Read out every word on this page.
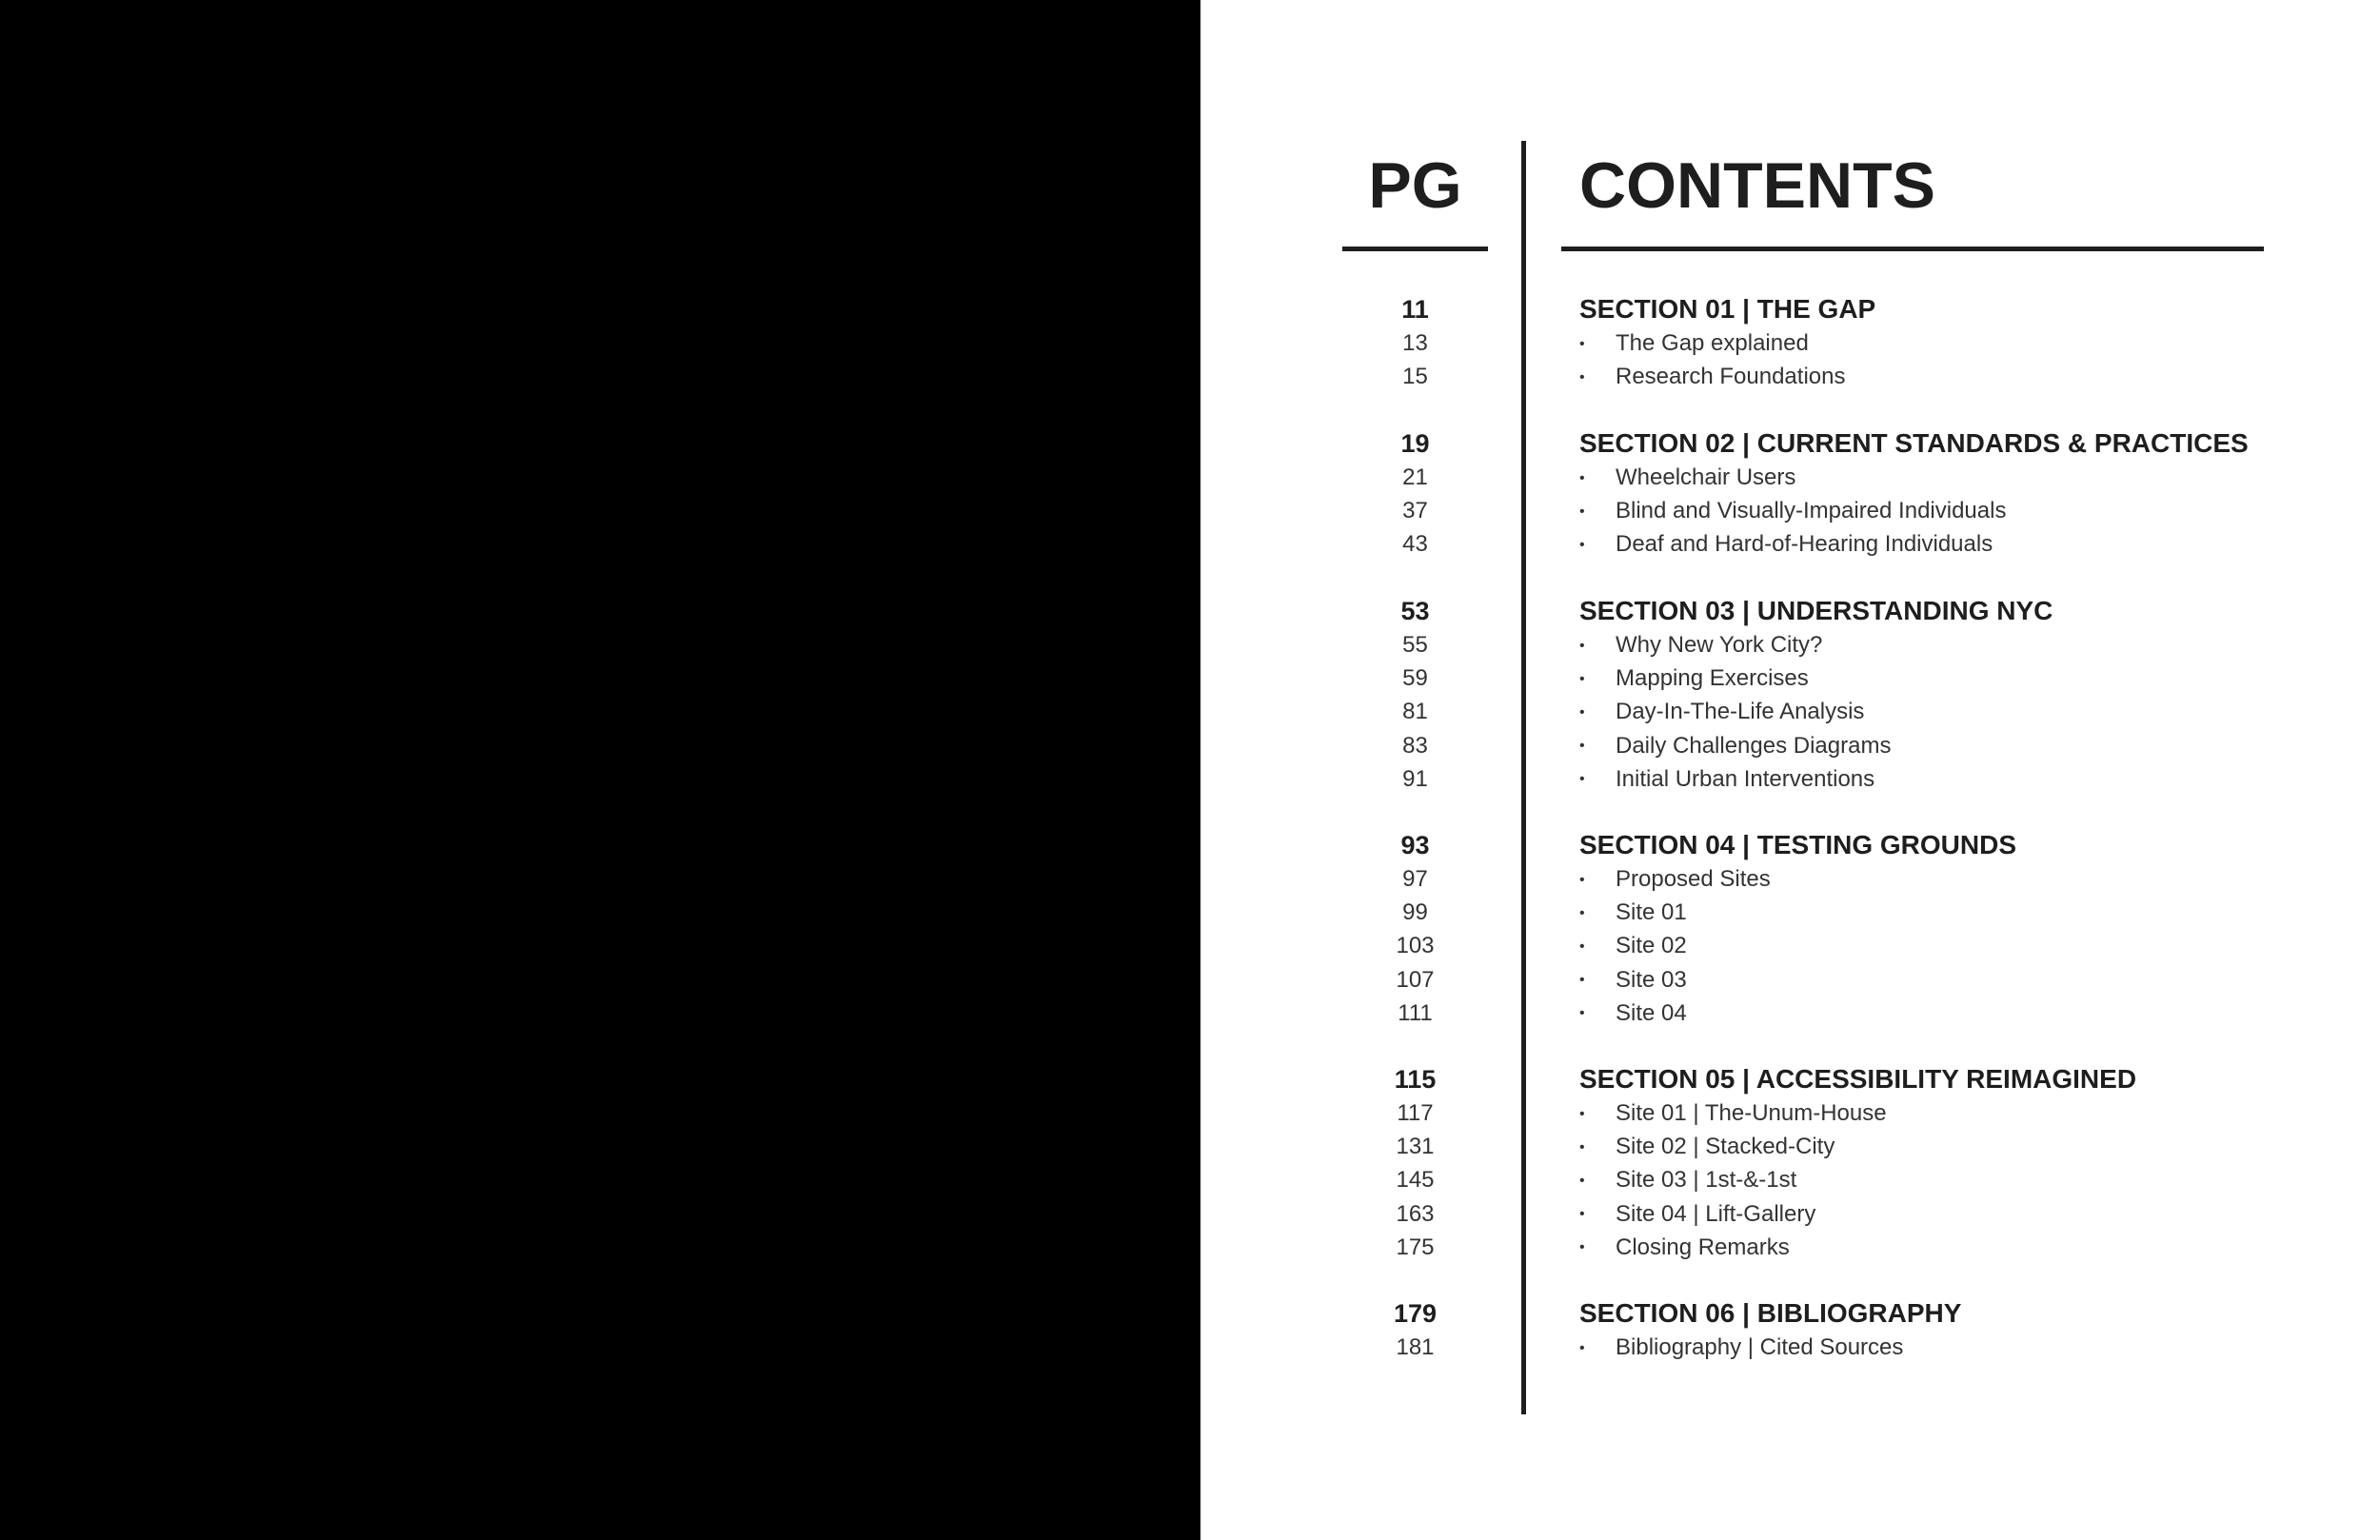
PG	CONTENTS
11	SECTION 01 | THE GAP
13	• The Gap explained
15	• Research Foundations
19	SECTION 02 | CURRENT STANDARDS & PRACTICES
21	• Wheelchair Users
37	• Blind and Visually-Impaired Individuals
43	• Deaf and Hard-of-Hearing Individuals
53	SECTION 03 | UNDERSTANDING NYC
55	• Why New York City?
59	• Mapping Exercises
81	• Day-In-The-Life Analysis
83	• Daily Challenges Diagrams
91	• Initial Urban Interventions
93	SECTION 04 | TESTING GROUNDS
97	• Proposed Sites
99	• Site 01
103	• Site 02
107	• Site 03
111	• Site 04
115	SECTION 05 | ACCESSIBILITY REIMAGINED
117	• Site 01 | The-Unum-House
131	• Site 02 | Stacked-City
145	• Site 03 | 1st-&-1st
163	• Site 04 | Lift-Gallery
175	• Closing Remarks
179	SECTION 06 | BIBLIOGRAPHY
181	• Bibliography | Cited Sources
